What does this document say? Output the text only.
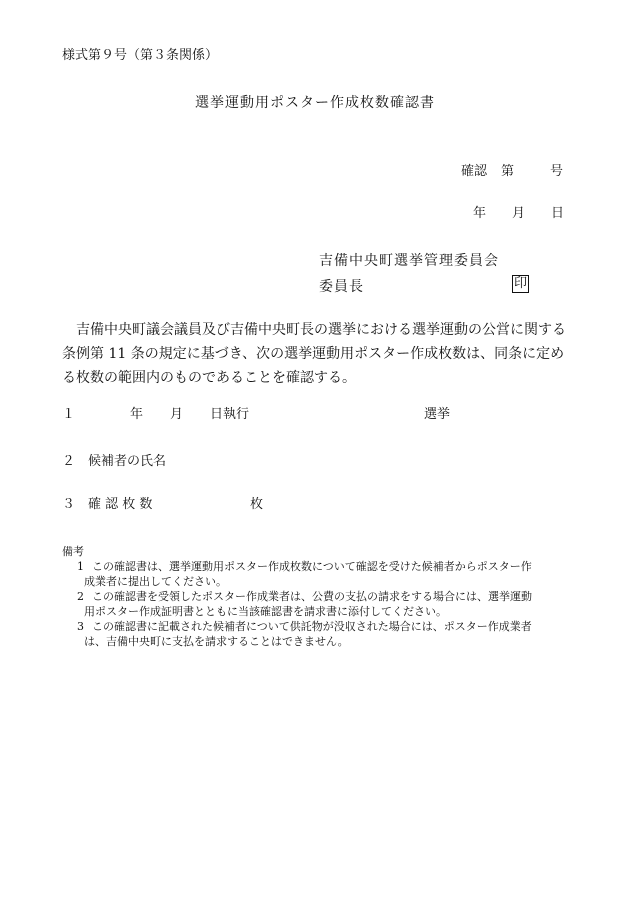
様式第９号（第３条関係）
選挙運動用ポスター作成枚数確認書
確認 第	号
年 月 日
吉備中央町選挙管理委員会
委員長	印
吉備中央町議会議員及び吉備中央町長の選挙における選挙運動の公営に関する条例第 11 条の規定に基づき、次の選挙運動用ポスター作成枚数は、同条に定める枚数の範囲内のものであることを確認する。
１	年 月 日執行	選挙
２ 候補者の氏名
３ 確 認 枚 数	枚
備考
1 この確認書は、選挙運動用ポスター作成枚数について確認を受けた候補者からポスター作
成業者に提出してください。
2 この確認書を受領したポスター作成業者は、公費の支払の請求をする場合には、選挙運動
用ポスター作成証明書とともに当該確認書を請求書に添付してください。
3 この確認書に記載された候補者について供託物が没収された場合には、ポスター作成業者
は、吉備中央町に支払を請求することはできません。
